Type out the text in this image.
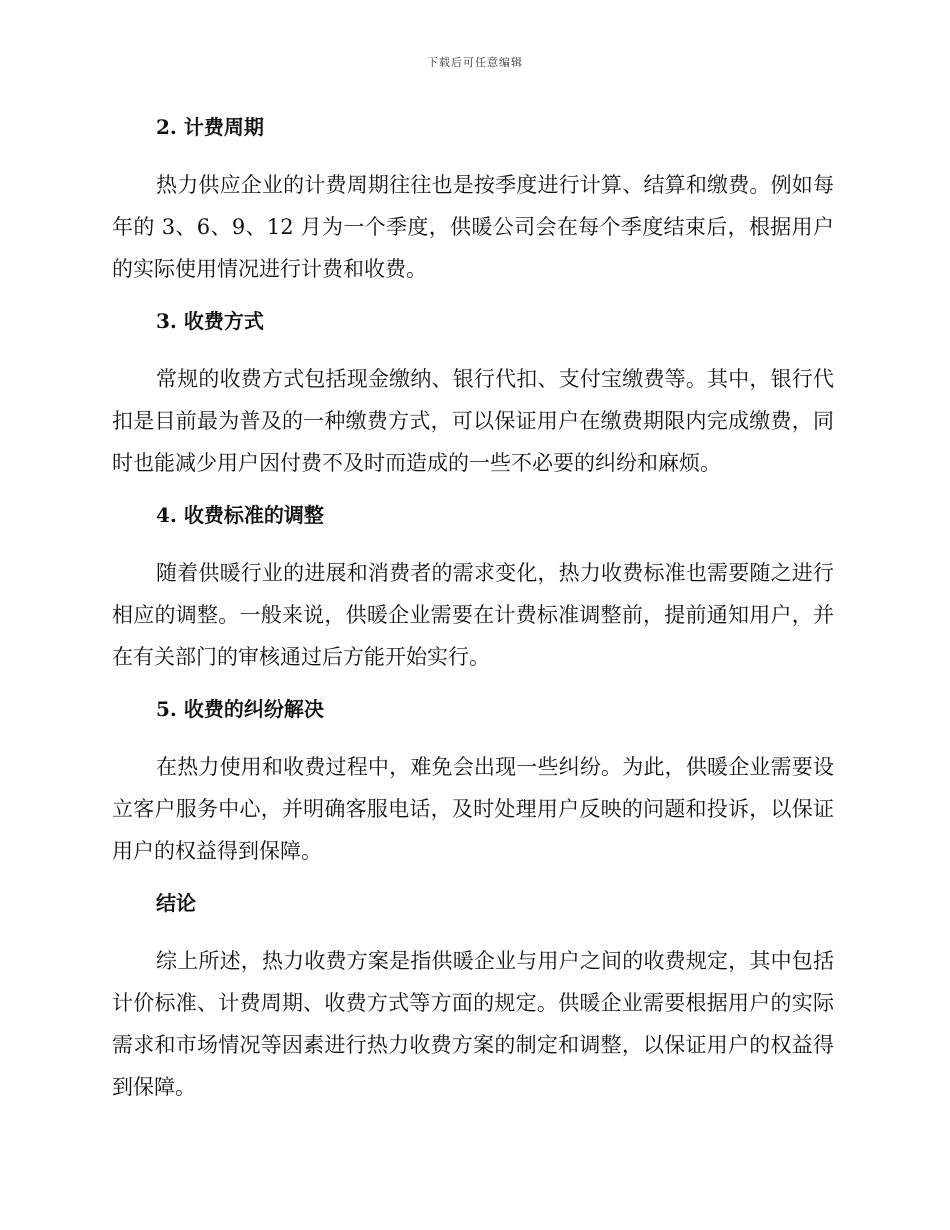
下载后可任意编辑
2. 计费周期

热力供应企业的计费周期往往也是按季度进行计算、结算和缴费。例如每年的 3、6、9、12 月为一个季度，供暖公司会在每个季度结束后，根据用户的实际使用情况进行计费和收费。

3. 收费方式

常规的收费方式包括现金缴纳、银行代扣、支付宝缴费等。其中，银行代扣是目前最为普及的一种缴费方式，可以保证用户在缴费期限内完成缴费，同时也能减少用户因付费不及时而造成的一些不必要的纠纷和麻烦。

4. 收费标准的调整

随着供暖行业的进展和消费者的需求变化，热力收费标准也需要随之进行相应的调整。一般来说，供暖企业需要在计费标准调整前，提前通知用户，并在有关部门的审核通过后方能开始实行。

5. 收费的纠纷解决

在热力使用和收费过程中，难免会出现一些纠纷。为此，供暖企业需要设立客户服务中心，并明确客服电话，及时处理用户反映的问题和投诉，以保证用户的权益得到保障。

结论

综上所述，热力收费方案是指供暖企业与用户之间的收费规定，其中包括计价标准、计费周期、收费方式等方面的规定。供暖企业需要根据用户的实际需求和市场情况等因素进行热力收费方案的制定和调整，以保证用户的权益得到保障。
